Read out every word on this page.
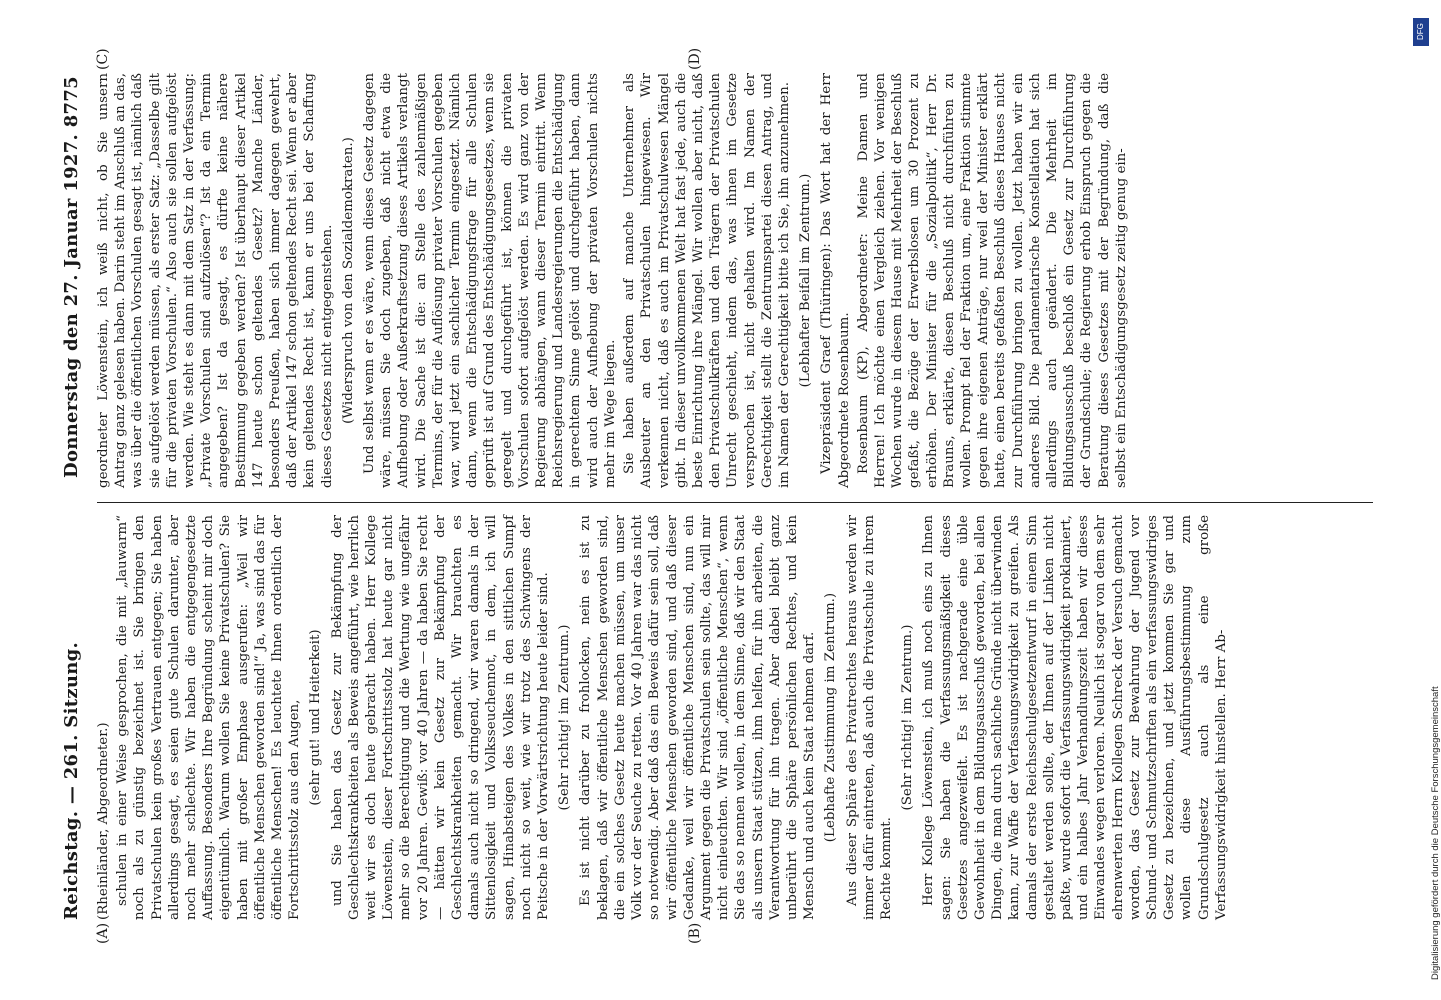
Reichstag. — 261. Sitzung.
Donnerstag den 27. Januar 1927. 8775
(A)	(B)
(C)	(D)

(Rheinländer, Abgeordneter.) schulen in einer Weise gesprochen, die mit „lauwarm“ noch als zu günstig bezeichnet ist. Sie bringen den Privatschulen kein großes Vertrauen entgegen; Sie haben allerdings gesagt, es seien gute Schulen darunter, aber noch mehr schlechte. Wir haben die entgegengesetzte Auffassung. Besonders Ihre Begründung scheint mir doch eigentümlich. Warum wollen Sie keine Privatschulen? Sie haben mit großer Emphase ausgerufen: „Weil wir öffentliche Menschen geworden sind!“ Ja, was sind das für öffentliche Menschen! Es leuchtete Ihnen ordentlich der Fortschrittsstolz aus den Augen, (sehr gut! und Heiterkeit) und Sie haben das Gesetz zur Bekämpfung der Geschlechtskrankheiten als Beweis angeführt, wie herrlich weit wir es doch heute gebracht haben. Herr Kollege Löwenstein, dieser Fortschrittsstolz hat heute gar nicht mehr so die Berechtigung und die Wertung wie ungefähr vor 20 Jahren. Gewiß: vor 40 Jahren — da haben Sie recht — hätten wir kein Gesetz zur Bekämpfung der Geschlechtskrankheiten gemacht. Wir brauchten es damals auch nicht so dringend, wir waren damals in der Sittenlosigkeit und Volksseuchennot, in dem, ich will sagen, Hinabsteigen des Volkes in den sittlichen Sumpf noch nicht so weit, wie wir trotz des Schwingens der Peitsche in der Vorwärtsrichtung heute leider sind. (Sehr richtig! im Zentrum.) Es ist nicht darüber zu frohlocken, nein es ist zu beklagen, daß wir öffentliche Menschen geworden sind, die ein solches Gesetz heute machen müssen, um unser Volk vor der Seuche zu retten. Vor 40 Jahren war das nicht so notwendig. Aber daß das ein Beweis dafür sein soll, daß wir öffentliche Menschen geworden sind, und daß dieser Gedanke, weil wir öffentliche Menschen sind, nun ein Argument gegen die Privatschulen sein sollte, das will mir nicht einleuchten. Wir sind „öffentliche Menschen“, wenn Sie das so nennen wollen, in dem Sinne, daß wir den Staat als unsern Staat stützen, ihm helfen, für ihn arbeiten, die Verantwortung für ihn tragen. Aber dabei bleibt ganz unberührt die Sphäre persönlichen Rechtes, und kein Mensch und auch kein Staat nehmen darf. (Lebhafte Zustimmung im Zentrum.) Aus dieser Sphäre des Privatrechtes heraus werden wir immer dafür eintreten, daß auch die Privatschule zu ihrem Rechte kommt.

(Sehr richtig! im Zentrum.) Herr Kollege Löwenstein, ich muß noch eins zu Ihnen sagen: Sie haben die Verfassungsmäßigkeit dieses Gesetzes angezweifelt. Es ist nachgerade eine üble Gewohnheit in dem Bildungsausschuß geworden, bei allen Dingen, die man durch sachliche Gründe nicht überwinden kann, zur Waffe der Verfassungswidrigkeit zu greifen. Als damals der erste Reichsschulgesetzentwurf in einem Sinn gestaltet werden sollte, der Ihnen auf der Linken nicht paßte, wurde sofort die Verfassungswidrigkeit proklamiert, und ein halbes Jahr Verhandlungszeit haben wir dieses Einwandes wegen verloren. Neulich ist sogar von dem sehr ehrenwerten Herrn Kollegen Schreck der Versuch gemacht worden, das Gesetz zur Bewahrung der Jugend vor Schund- und Schmutzschriften als ein verfassungswidriges Gesetz zu bezeichnen, und jetzt kommen Sie gar und wollen diese Ausführungsbestimmung zum Grundschulgesetz auch als eine große Verfassungswidrigkeit hinstellen. Herr Ab-

geordneter Löwenstein, ich weiß nicht, ob Sie unsern Antrag ganz gelesen haben. Darin steht im Anschluß an das, was über die öffentlichen Vorschulen gesagt ist, nämlich daß sie aufgelöst werden müssen, als erster Satz: „Dasselbe gilt für die privaten Vorschulen.“ Also auch sie sollen aufgelöst werden. Wie steht es dann mit dem Satz in der Verfassung: „Private Vorschulen sind aufzulösen“? Ist da ein Termin angegeben? Ist da gesagt, es dürfte keine nähere Bestimmung gegeben werden? Ist überhaupt dieser Artikel 147 heute schon geltendes Gesetz? Manche Länder, besonders Preußen, haben sich immer dagegen gewehrt, daß der Artikel 147 schon geltendes Recht sei. Wenn er aber kein geltendes Recht ist, kann er uns bei der Schaffung dieses Gesetzes nicht entgegenstehen. (Widerspruch von den Sozialdemokraten.) Und selbst wenn er es wäre, wenn dieses Gesetz dagegen wäre, müssen Sie doch zugeben, daß nicht etwa die Aufhebung oder Außerkraftsetzung dieses Artikels verlangt wird. Die Sache ist die: an Stelle des zahlenmäßigen Termins, der für die Auflösung privater Vorschulen gegeben war, wird jetzt ein sachlicher Termin eingesetzt. Nämlich dann, wenn die Entschädigungsfrage für alle Schulen geprüft ist auf Grund des Entschädigungsgesetzes, wenn sie geregelt und durchgeführt ist, können die privaten Vorschulen sofort aufgelöst werden. Es wird ganz von der Regierung abhängen, wann dieser Termin eintritt. Wenn Reichsregierung und Landesregierungen die Entschädigung in gerechtem Sinne gelöst und durchgeführt haben, dann wird auch der Aufhebung der privaten Vorschulen nichts mehr im Wege liegen. Sie haben außerdem auf manche Unternehmer als Ausbeuter an den Privatschulen hingewiesen. Wir verkennen nicht, daß es auch im Privatschulwesen Mängel gibt. In dieser unvollkommenen Welt hat fast jede, auch die beste Einrichtung ihre Mängel. Wir wollen aber nicht, daß den Privatschulkräften und den Trägern der Privatschulen Unrecht geschieht, indem das, was ihnen im Gesetze versprochen ist, nicht gehalten wird. Im Namen der Gerechtigkeit stellt die Zentrumspartei diesen Antrag, und im Namen der Gerechtigkeit bitte ich Sie, ihn anzunehmen. (Lebhafter Beifall im Zentrum.) Vizepräsident Graef (Thüringen): Das Wort hat der Herr Abgeordnete Rosenbaum. Rosenbaum (KP), Abgeordneter: Meine Damen und Herren! Ich möchte einen Vergleich ziehen. Vor wenigen Wochen wurde in diesem Hause mit Mehrheit der Beschluß gefaßt, die Bezüge der Erwerbslosen um 30 Prozent zu erhöhen. Der Minister für die „Sozialpolitik“, Herr Dr. Brauns, erklärte, diesen Beschluß nicht durchführen zu wollen. Prompt fiel der Fraktion um, eine Fraktion stimmte gegen ihre eigenen Anträge, nur weil der Minister erklärt hatte, einen bereits gefaßten Beschluß dieses Hauses nicht zur Durchführung bringen zu wollen. Jetzt haben wir ein anderes Bild. Die parlamentarische Konstellation hat sich allerdings auch geändert. Die Mehrheit im Bildungsausschuß beschloß ein Gesetz zur Durchführung der Grundschule; die Regierung erhob Einspruch gegen die Beratung dieses Gesetzes mit der Begründung, daß die selbst ein Entschädigungsgesetz zeitig genug ein-

DFG
Digitalisierung gefördert durch die Deutsche Forschungsgemeinschaft
